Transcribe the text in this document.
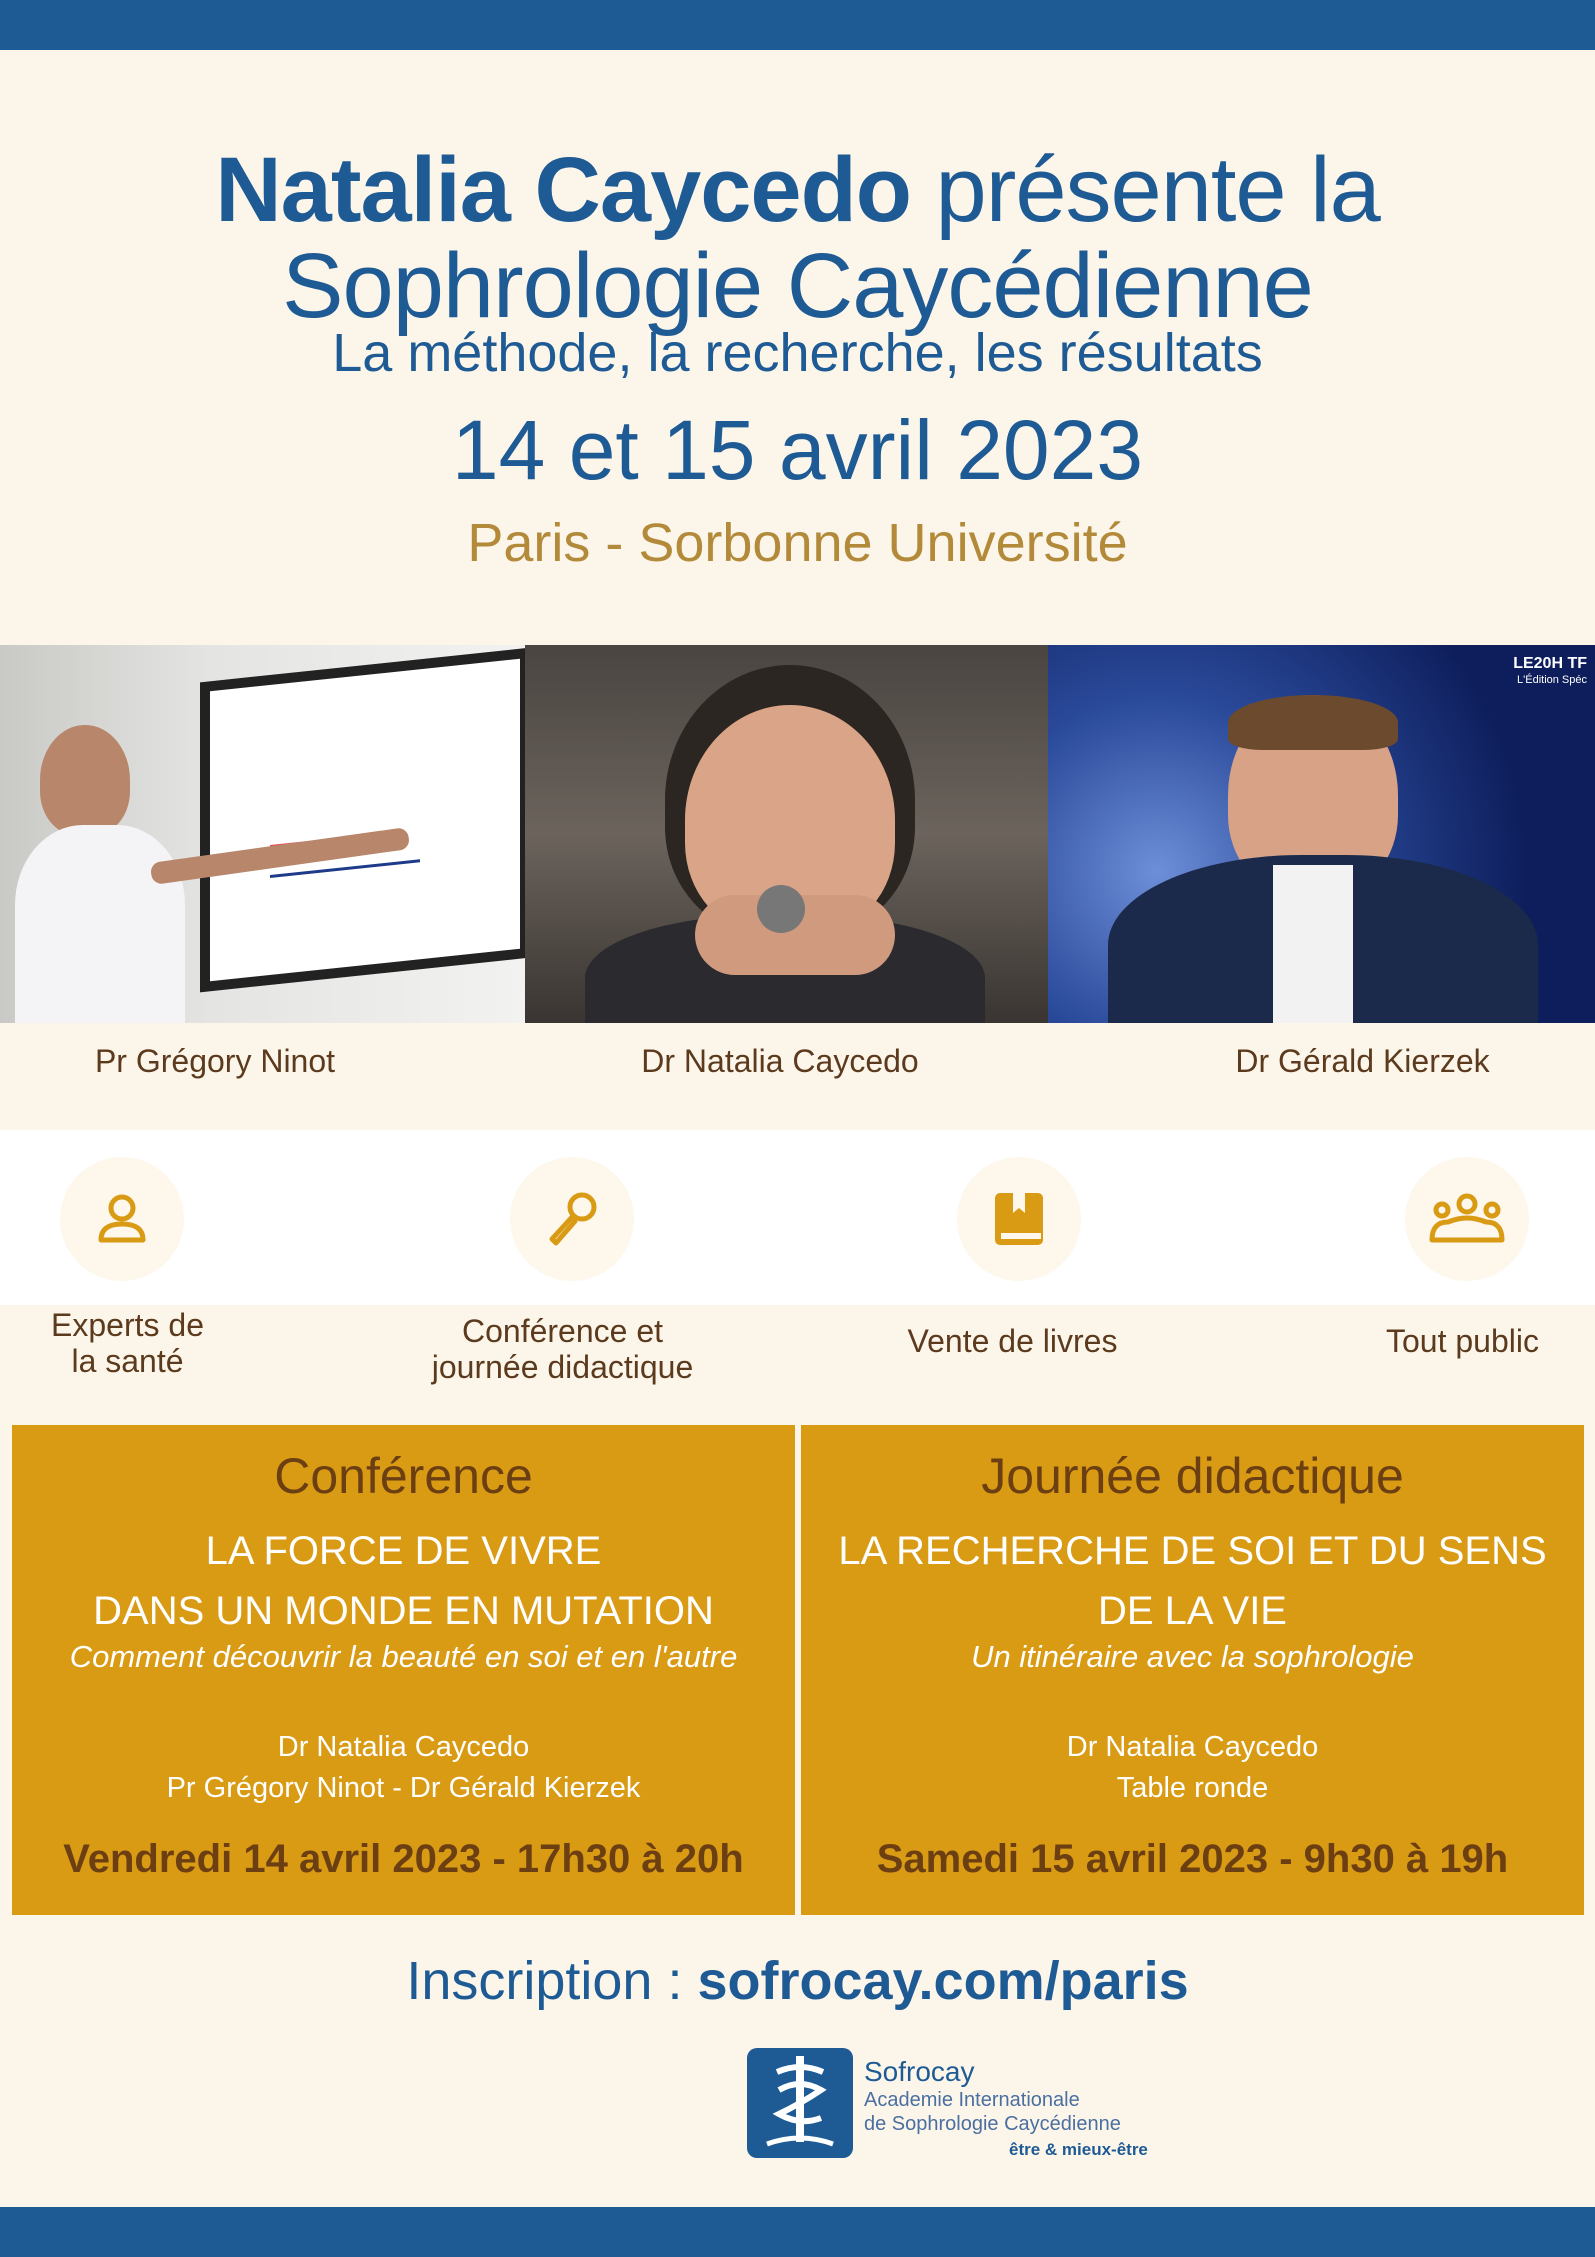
Natalia Caycedo présente la
Sophrologie Caycédienne
La méthode, la recherche, les résultats
14 et 15 avril 2023
Paris - Sorbonne Université
LE20H TF
L'Édition Spéc
Pr Grégory Ninot	Dr Natalia Caycedo	Dr Gérald Kierzek
Experts de
la santé
Conférence et
journée didactique
Vente de livres	Tout public
Conférence
LA FORCE DE VIVRE
DANS UN MONDE EN MUTATION
Comment découvrir la beauté en soi et en l'autre
Dr Natalia Caycedo
Pr Grégory Ninot - Dr Gérald Kierzek
Vendredi 14 avril 2023 - 17h30 à 20h
Journée didactique
LA RECHERCHE DE SOI ET DU SENS
DE LA VIE
Un itinéraire avec la sophrologie
Dr Natalia Caycedo
Table ronde
Samedi 15 avril 2023 - 9h30 à 19h
Inscription : sofrocay.com/paris
Sofrocay
Academie Internationale
de Sophrologie Caycédienne
être & mieux-être
